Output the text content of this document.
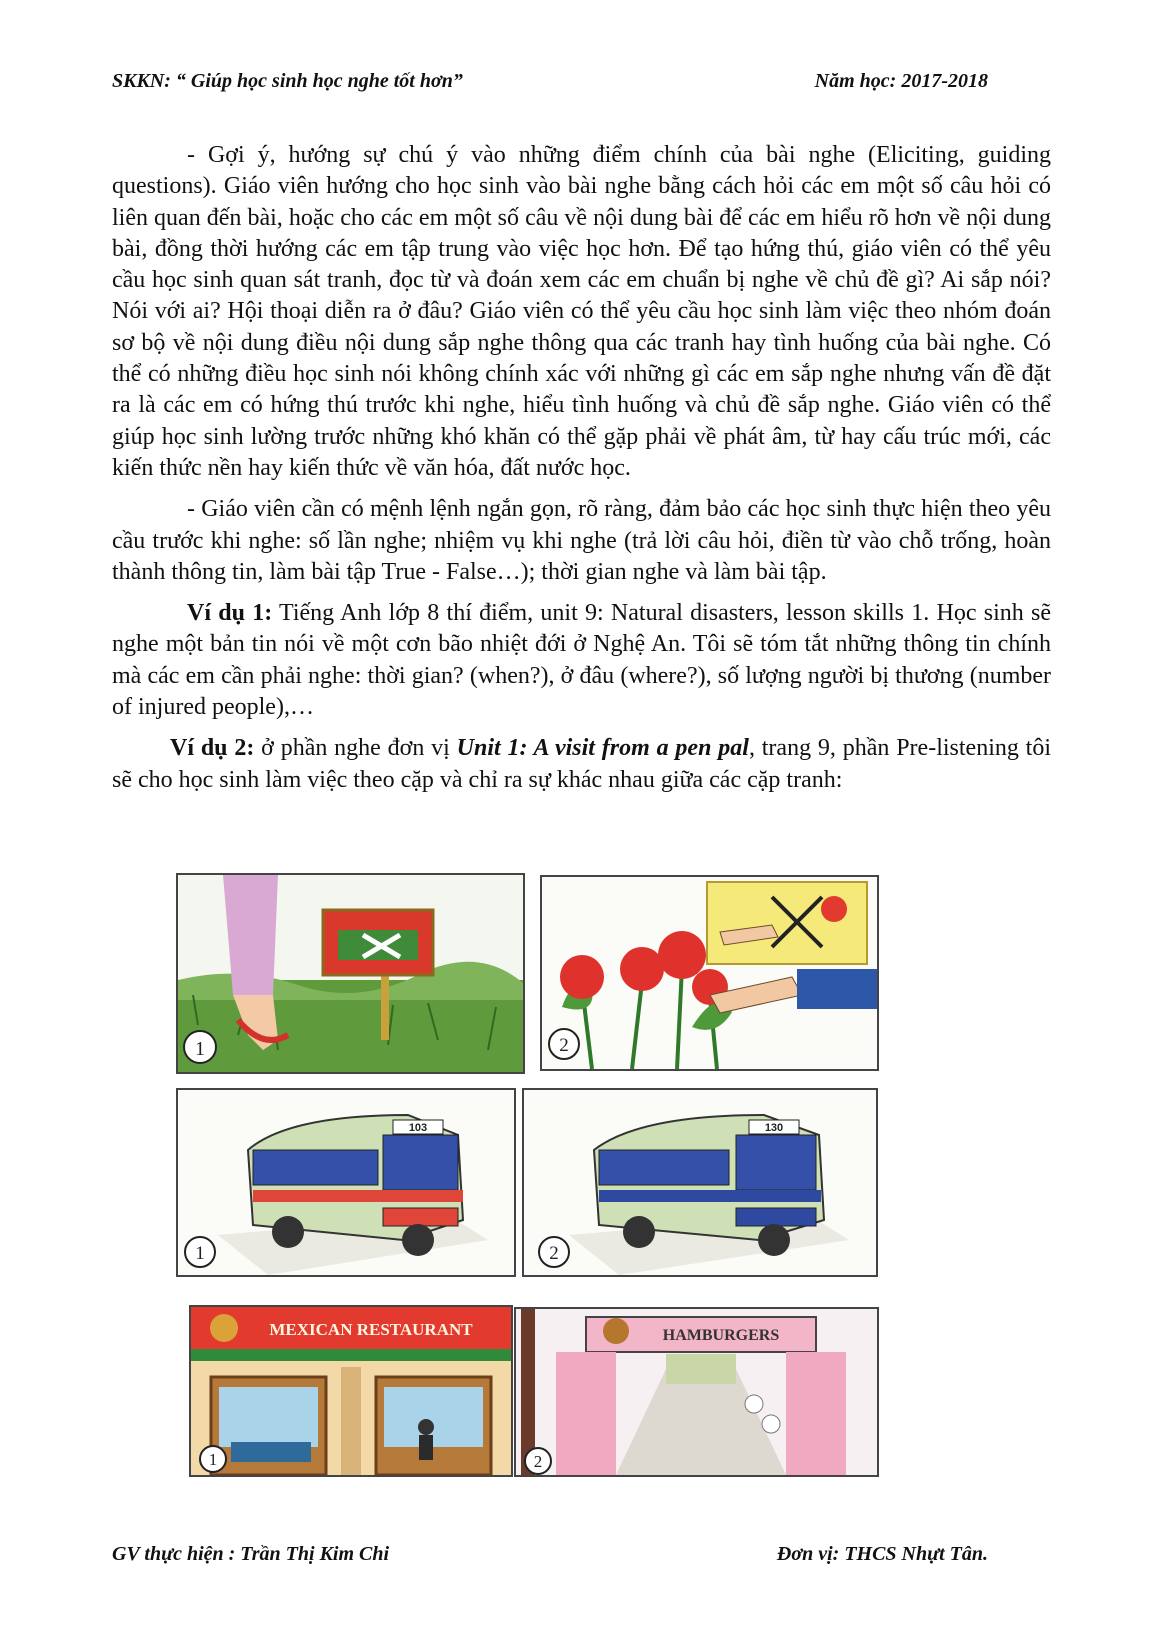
SKKN: “ Giúp học sinh học nghe tốt hơn”	Năm học: 2017-2018

- Gợi ý, hướng sự chú ý vào những điểm chính của bài nghe (Eliciting, guiding questions). Giáo viên hướng cho học sinh vào bài nghe bằng cách hỏi các em một số câu hỏi có liên quan đến bài, hoặc cho các em một số câu về nội dung bài để các em hiểu rõ hơn về nội dung bài, đồng thời hướng các em tập trung vào việc học hơn. Để tạo hứng thú, giáo viên có thể yêu cầu học sinh quan sát tranh, đọc từ và đoán xem các em chuẩn bị nghe về chủ đề gì? Ai sắp nói? Nói với ai? Hội thoại diễn ra ở đâu? Giáo viên có thể yêu cầu học sinh làm việc theo nhóm đoán sơ bộ về nội dung điều nội dung sắp nghe thông qua các tranh hay tình huống của bài nghe. Có thể có những điều học sinh nói không chính xác với những gì các em sắp nghe nhưng vấn đề đặt ra là các em có hứng thú trước khi nghe, hiểu tình huống và chủ đề sắp nghe. Giáo viên có thể giúp học sinh lường trước những khó khăn có thể gặp phải về phát âm, từ hay cấu trúc mới, các kiến thức nền hay kiến thức về văn hóa, đất nước học.

- Giáo viên cần có mệnh lệnh ngắn gọn, rõ ràng, đảm bảo các học sinh thực hiện theo yêu cầu trước khi nghe: số lần nghe; nhiệm vụ khi nghe (trả lời câu hỏi, điền từ vào chỗ trống, hoàn thành thông tin, làm bài tập True - False…); thời gian nghe và làm bài tập.

Ví dụ 1: Tiếng Anh lớp 8 thí điểm, unit 9: Natural disasters, lesson skills 1. Học sinh sẽ nghe một bản tin nói về một cơn bão nhiệt đới ở Nghệ An. Tôi sẽ tóm tắt những thông tin chính mà các em cần phải nghe: thời gian? (when?), ở đâu (where?), số lượng người bị thương (number of injured people),…

Ví dụ 2: ở phần nghe đơn vị Unit 1: A visit from a pen pal, trang 9, phần Pre-listening tôi sẽ cho học sinh làm việc theo cặp và chỉ ra sự khác nhau giữa các cặp tranh:

1	2
103
1
130
2
MEXICAN RESTAURANT
1
HAMBURGERS
2
GV thực hiện : Trần Thị Kim Chi	Đơn vị: THCS Nhựt Tân.
